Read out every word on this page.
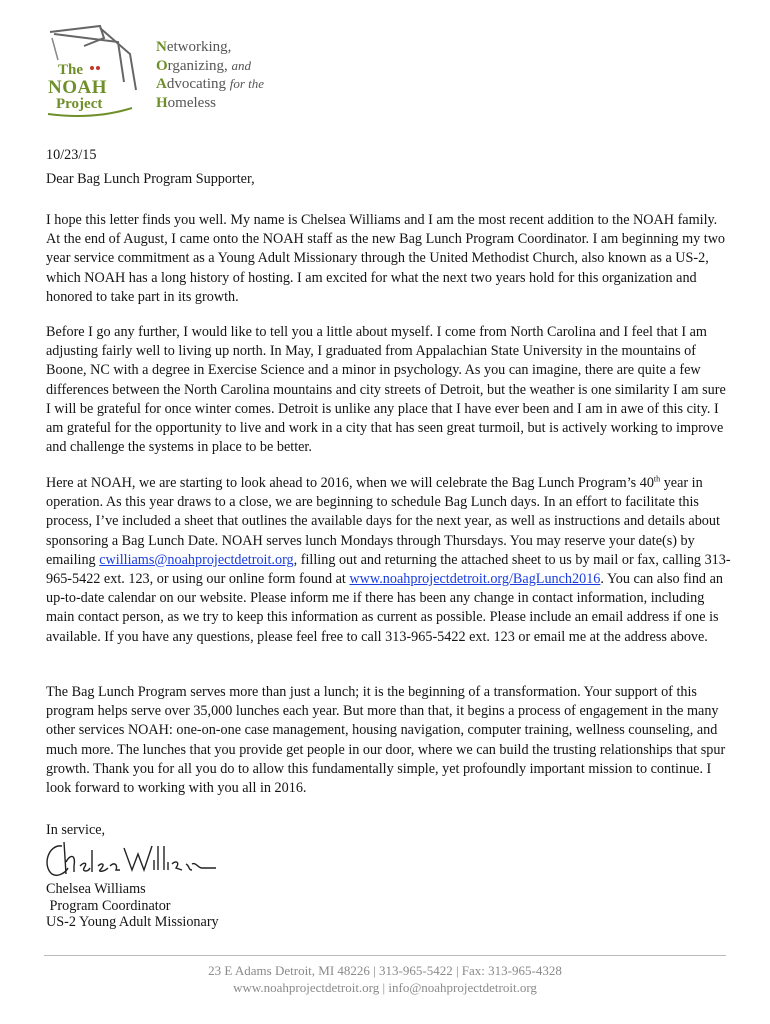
The
NOAH
Project
Networking,
Organizing, and
Advocating for the
Homeless

10/23/15

Dear Bag Lunch Program Supporter,

I hope this letter finds you well. My name is Chelsea Williams and I am the most recent addition to the NOAH family. At the end of August, I came onto the NOAH staff as the new Bag Lunch Program Coordinator. I am beginning my two year service commitment as a Young Adult Missionary through the United Methodist Church, also known as a US-2, which NOAH has a long history of hosting. I am excited for what the next two years hold for this organization and honored to take part in its growth.

Before I go any further, I would like to tell you a little about myself. I come from North Carolina and I feel that I am adjusting fairly well to living up north. In May, I graduated from Appalachian State University in the mountains of Boone, NC with a degree in Exercise Science and a minor in psychology. As you can imagine, there are quite a few differences between the North Carolina mountains and city streets of Detroit, but the weather is one similarity I am sure I will be grateful for once winter comes. Detroit is unlike any place that I have ever been and I am in awe of this city. I am grateful for the opportunity to live and work in a city that has seen great turmoil, but is actively working to improve and challenge the systems in place to be better.

Here at NOAH, we are starting to look ahead to 2016, when we will celebrate the Bag Lunch Program’s 40th year in operation. As this year draws to a close, we are beginning to schedule Bag Lunch days. In an effort to facilitate this process, I’ve included a sheet that outlines the available days for the next year, as well as instructions and details about sponsoring a Bag Lunch Date. NOAH serves lunch Mondays through Thursdays. You may reserve your date(s) by emailing cwilliams@noahprojectdetroit.org, filling out and returning the attached sheet to us by mail or fax, calling 313-965-5422 ext. 123, or using our online form found at www.noahprojectdetroit.org/BagLunch2016. You can also find an up-to-date calendar on our website. Please inform me if there has been any change in contact information, including main contact person, as we try to keep this information as current as possible. Please include an email address if one is available. If you have any questions, please feel free to call 313-965-5422 ext. 123 or email me at the address above.

The Bag Lunch Program serves more than just a lunch; it is the beginning of a transformation. Your support of this program helps serve over 35,000 lunches each year. But more than that, it begins a process of engagement in the many other services NOAH: one-on-one case management, housing navigation, computer training, wellness counseling, and much more. The lunches that you provide get people in our door, where we can build the trusting relationships that spur growth. Thank you for all you do to allow this fundamentally simple, yet profoundly important mission to continue. I look forward to working with you all in 2016.

In service,

Chelsea Williams

Program Coordinator

US-2 Young Adult Missionary

23 E Adams Detroit, MI 48226 | 313-965-5422 | Fax: 313-965-4328
www.noahprojectdetroit.org | info@noahprojectdetroit.org
